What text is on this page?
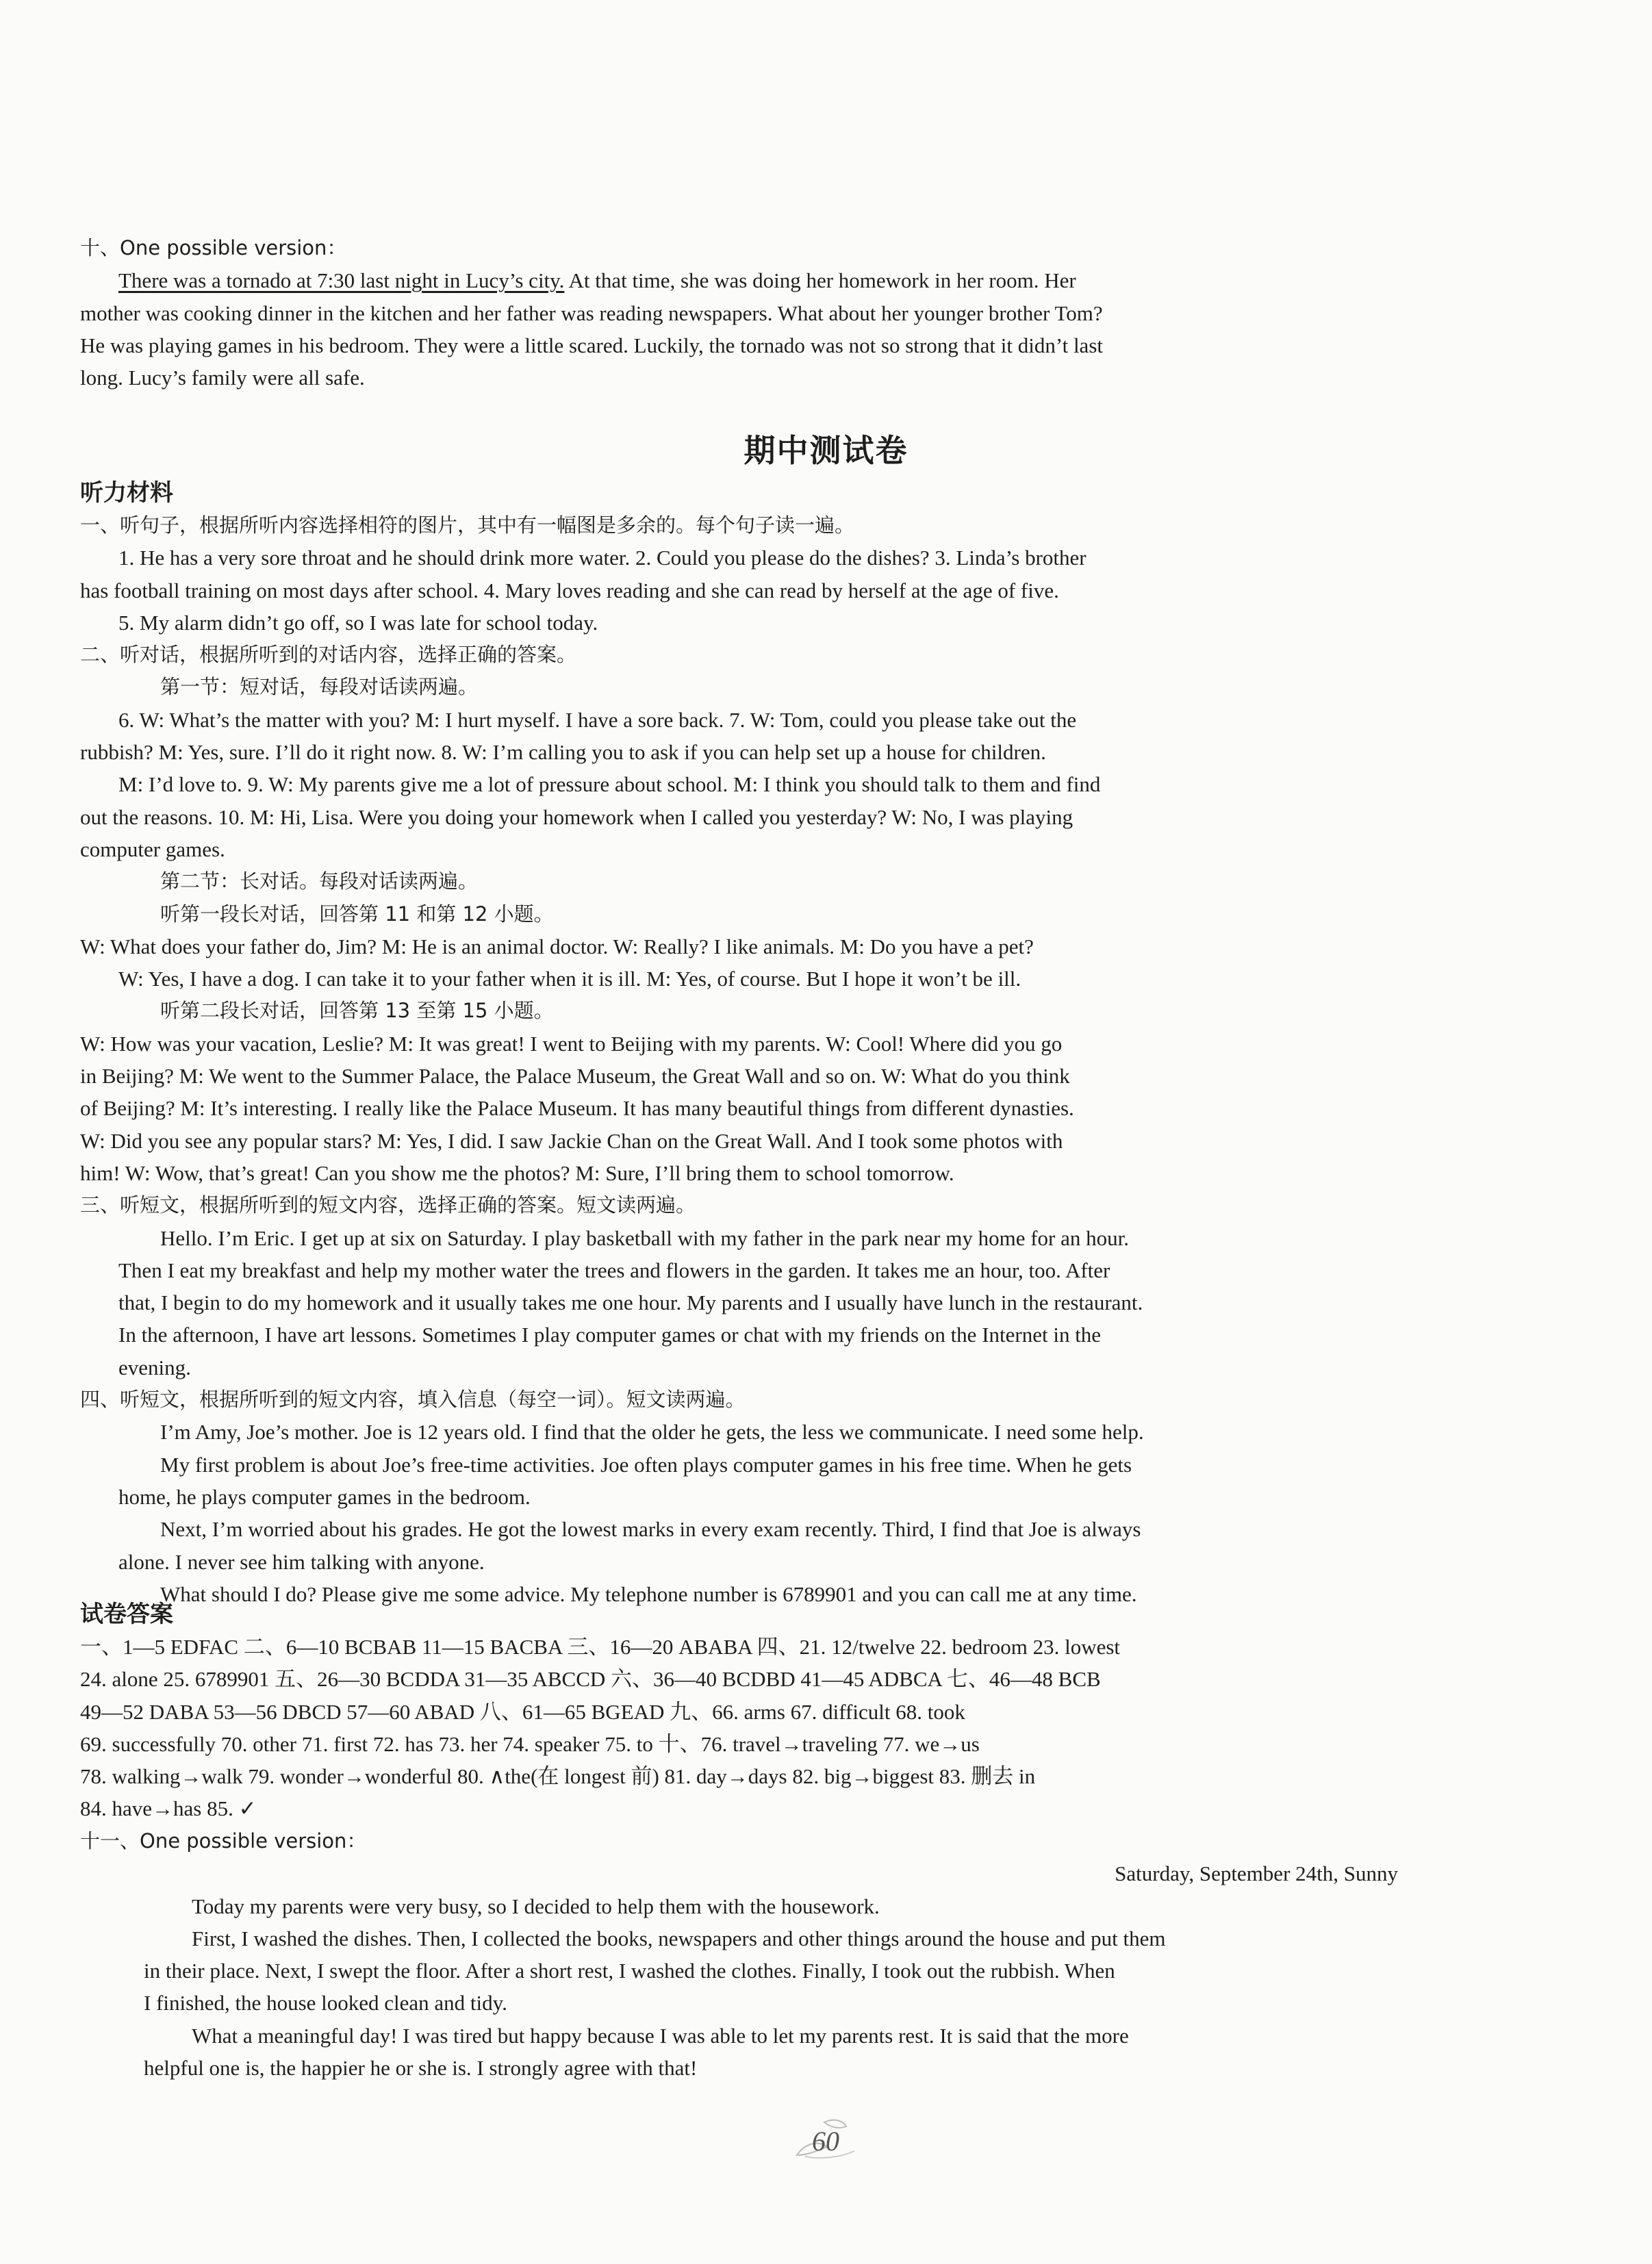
十、One possible version：
There was a tornado at 7:30 last night in Lucy’s city. At that time, she was doing her homework in her room. Her
mother was cooking dinner in the kitchen and her father was reading newspapers. What about her younger brother Tom?
He was playing games in his bedroom. They were a little scared. Luckily, the tornado was not so strong that it didn’t last
long. Lucy’s family were all safe.
期中测试卷
听力材料
一、听句子，根据所听内容选择相符的图片，其中有一幅图是多余的。每个句子读一遍。
1. He has a very sore throat and he should drink more water. 2. Could you please do the dishes? 3. Linda’s brother
has football training on most days after school. 4. Mary loves reading and she can read by herself at the age of five.
5. My alarm didn’t go off, so I was late for school today.
二、听对话，根据所听到的对话内容，选择正确的答案。
第一节：短对话，每段对话读两遍。
6. W: What’s the matter with you? M: I hurt myself. I have a sore back. 7. W: Tom, could you please take out the
rubbish? M: Yes, sure. I’ll do it right now. 8. W: I’m calling you to ask if you can help set up a house for children.
M: I’d love to. 9. W: My parents give me a lot of pressure about school. M: I think you should talk to them and find
out the reasons. 10. M: Hi, Lisa. Were you doing your homework when I called you yesterday? W: No, I was playing
computer games.
第二节：长对话。每段对话读两遍。
听第一段长对话，回答第 11 和第 12 小题。
W: What does your father do, Jim? M: He is an animal doctor. W: Really? I like animals. M: Do you have a pet?
W: Yes, I have a dog. I can take it to your father when it is ill. M: Yes, of course. But I hope it won’t be ill.
听第二段长对话，回答第 13 至第 15 小题。
W: How was your vacation, Leslie? M: It was great! I went to Beijing with my parents. W: Cool! Where did you go
in Beijing? M: We went to the Summer Palace, the Palace Museum, the Great Wall and so on. W: What do you think
of Beijing? M: It’s interesting. I really like the Palace Museum. It has many beautiful things from different dynasties.
W: Did you see any popular stars? M: Yes, I did. I saw Jackie Chan on the Great Wall. And I took some photos with
him! W: Wow, that’s great! Can you show me the photos? M: Sure, I’ll bring them to school tomorrow.
三、听短文，根据所听到的短文内容，选择正确的答案。短文读两遍。
Hello. I’m Eric. I get up at six on Saturday. I play basketball with my father in the park near my home for an hour.
Then I eat my breakfast and help my mother water the trees and flowers in the garden. It takes me an hour, too. After
that, I begin to do my homework and it usually takes me one hour. My parents and I usually have lunch in the restaurant.
In the afternoon, I have art lessons. Sometimes I play computer games or chat with my friends on the Internet in the
evening.
四、听短文，根据所听到的短文内容，填入信息（每空一词）。短文读两遍。
I’m Amy, Joe’s mother. Joe is 12 years old. I find that the older he gets, the less we communicate. I need some help.
My first problem is about Joe’s free-time activities. Joe often plays computer games in his free time. When he gets
home, he plays computer games in the bedroom.
Next, I’m worried about his grades. He got the lowest marks in every exam recently. Third, I find that Joe is always
alone. I never see him talking with anyone.
What should I do? Please give me some advice. My telephone number is 6789901 and you can call me at any time.
试卷答案
一、1—5 EDFAC 二、6—10 BCBAB 11—15 BACBA 三、16—20 ABABA 四、21. 12/twelve 22. bedroom 23. lowest
24. alone 25. 6789901 五、26—30 BCDDA 31—35 ABCCD 六、36—40 BCDBD 41—45 ADBCA 七、46—48 BCB
49—52 DABA 53—56 DBCD 57—60 ABAD 八、61—65 BGEAD 九、66. arms 67. difficult 68. took
69. successfully 70. other 71. first 72. has 73. her 74. speaker 75. to 十、76. travel→traveling 77. we→us
78. walking→walk 79. wonder→wonderful 80. ∧the(在 longest 前) 81. day→days 82. big→biggest 83. 删去 in
84. have→has 85. ✓
十一、One possible version：
Saturday, September 24th, Sunny
Today my parents were very busy, so I decided to help them with the housework.
First, I washed the dishes. Then, I collected the books, newspapers and other things around the house and put them
in their place. Next, I swept the floor. After a short rest, I washed the clothes. Finally, I took out the rubbish. When
I finished, the house looked clean and tidy.
What a meaningful day! I was tired but happy because I was able to let my parents rest. It is said that the more
helpful one is, the happier he or she is. I strongly agree with that!
60
